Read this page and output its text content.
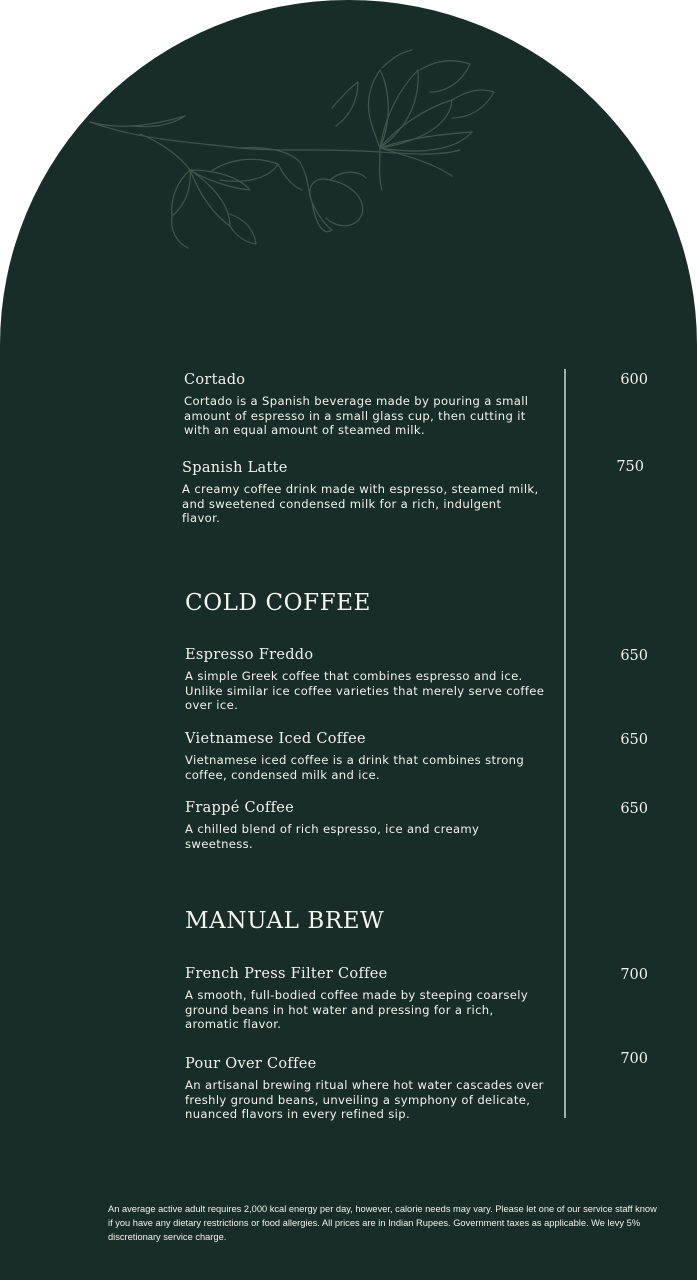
Cortado
Cortado is a Spanish beverage made by pouring a small amount of espresso in a small glass cup, then cutting it with an equal amount of steamed milk.
600
Spanish Latte
A creamy coffee drink made with espresso, steamed milk, and sweetened condensed milk for a rich, indulgent flavor.
750
COLD COFFEE
Espresso Freddo
A simple Greek coffee that combines espresso and ice. Unlike similar ice coffee varieties that merely serve coffee over ice.
650
Vietnamese Iced Coffee
Vietnamese iced coffee is a drink that combines strong coffee, condensed milk and ice.
650
Frappé Coffee
A chilled blend of rich espresso, ice and creamy sweetness.
650
MANUAL BREW
French Press Filter Coffee
A smooth, full-bodied coffee made by steeping coarsely ground beans in hot water and pressing for a rich, aromatic flavor.
700
Pour Over Coffee
An artisanal brewing ritual where hot water cascades over freshly ground beans, unveiling a symphony of delicate, nuanced flavors in every refined sip.
700
An average active adult requires 2,000 kcal energy per day, however, calorie needs may vary. Please let one of our service staff know if you have any dietary restrictions or food allergies. All prices are in Indian Rupees. Government taxes as applicable. We levy 5% discretionary service charge.
